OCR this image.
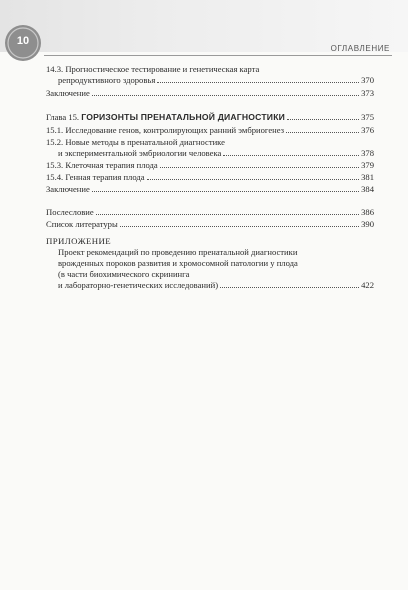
10
ОГЛАВЛЕНИЕ
14.3. Прогностическое тестирование и генетическая карта
репродуктивного здоровья	370
Заключение	373
Глава 15. ГОРИЗОНТЫ ПРЕНАТАЛЬНОЙ ДИАГНОСТИКИ	375
15.1. Исследование генов, контролирующих ранний эмбриогенез	376
15.2. Новые методы в пренатальной диагностике
и экспериментальной эмбриологии человека	378
15.3. Клеточная терапия плода	379
15.4. Генная терапия плода	381
Заключение	384
Послесловие	386
Список литературы	390
ПРИЛОЖЕНИЕ
Проект рекомендаций по проведению пренатальной диагностики
врожденных пороков развития и хромосомной патологии у плода
(в части биохимического скрининга
и лабораторно-генетических исследований)	422
